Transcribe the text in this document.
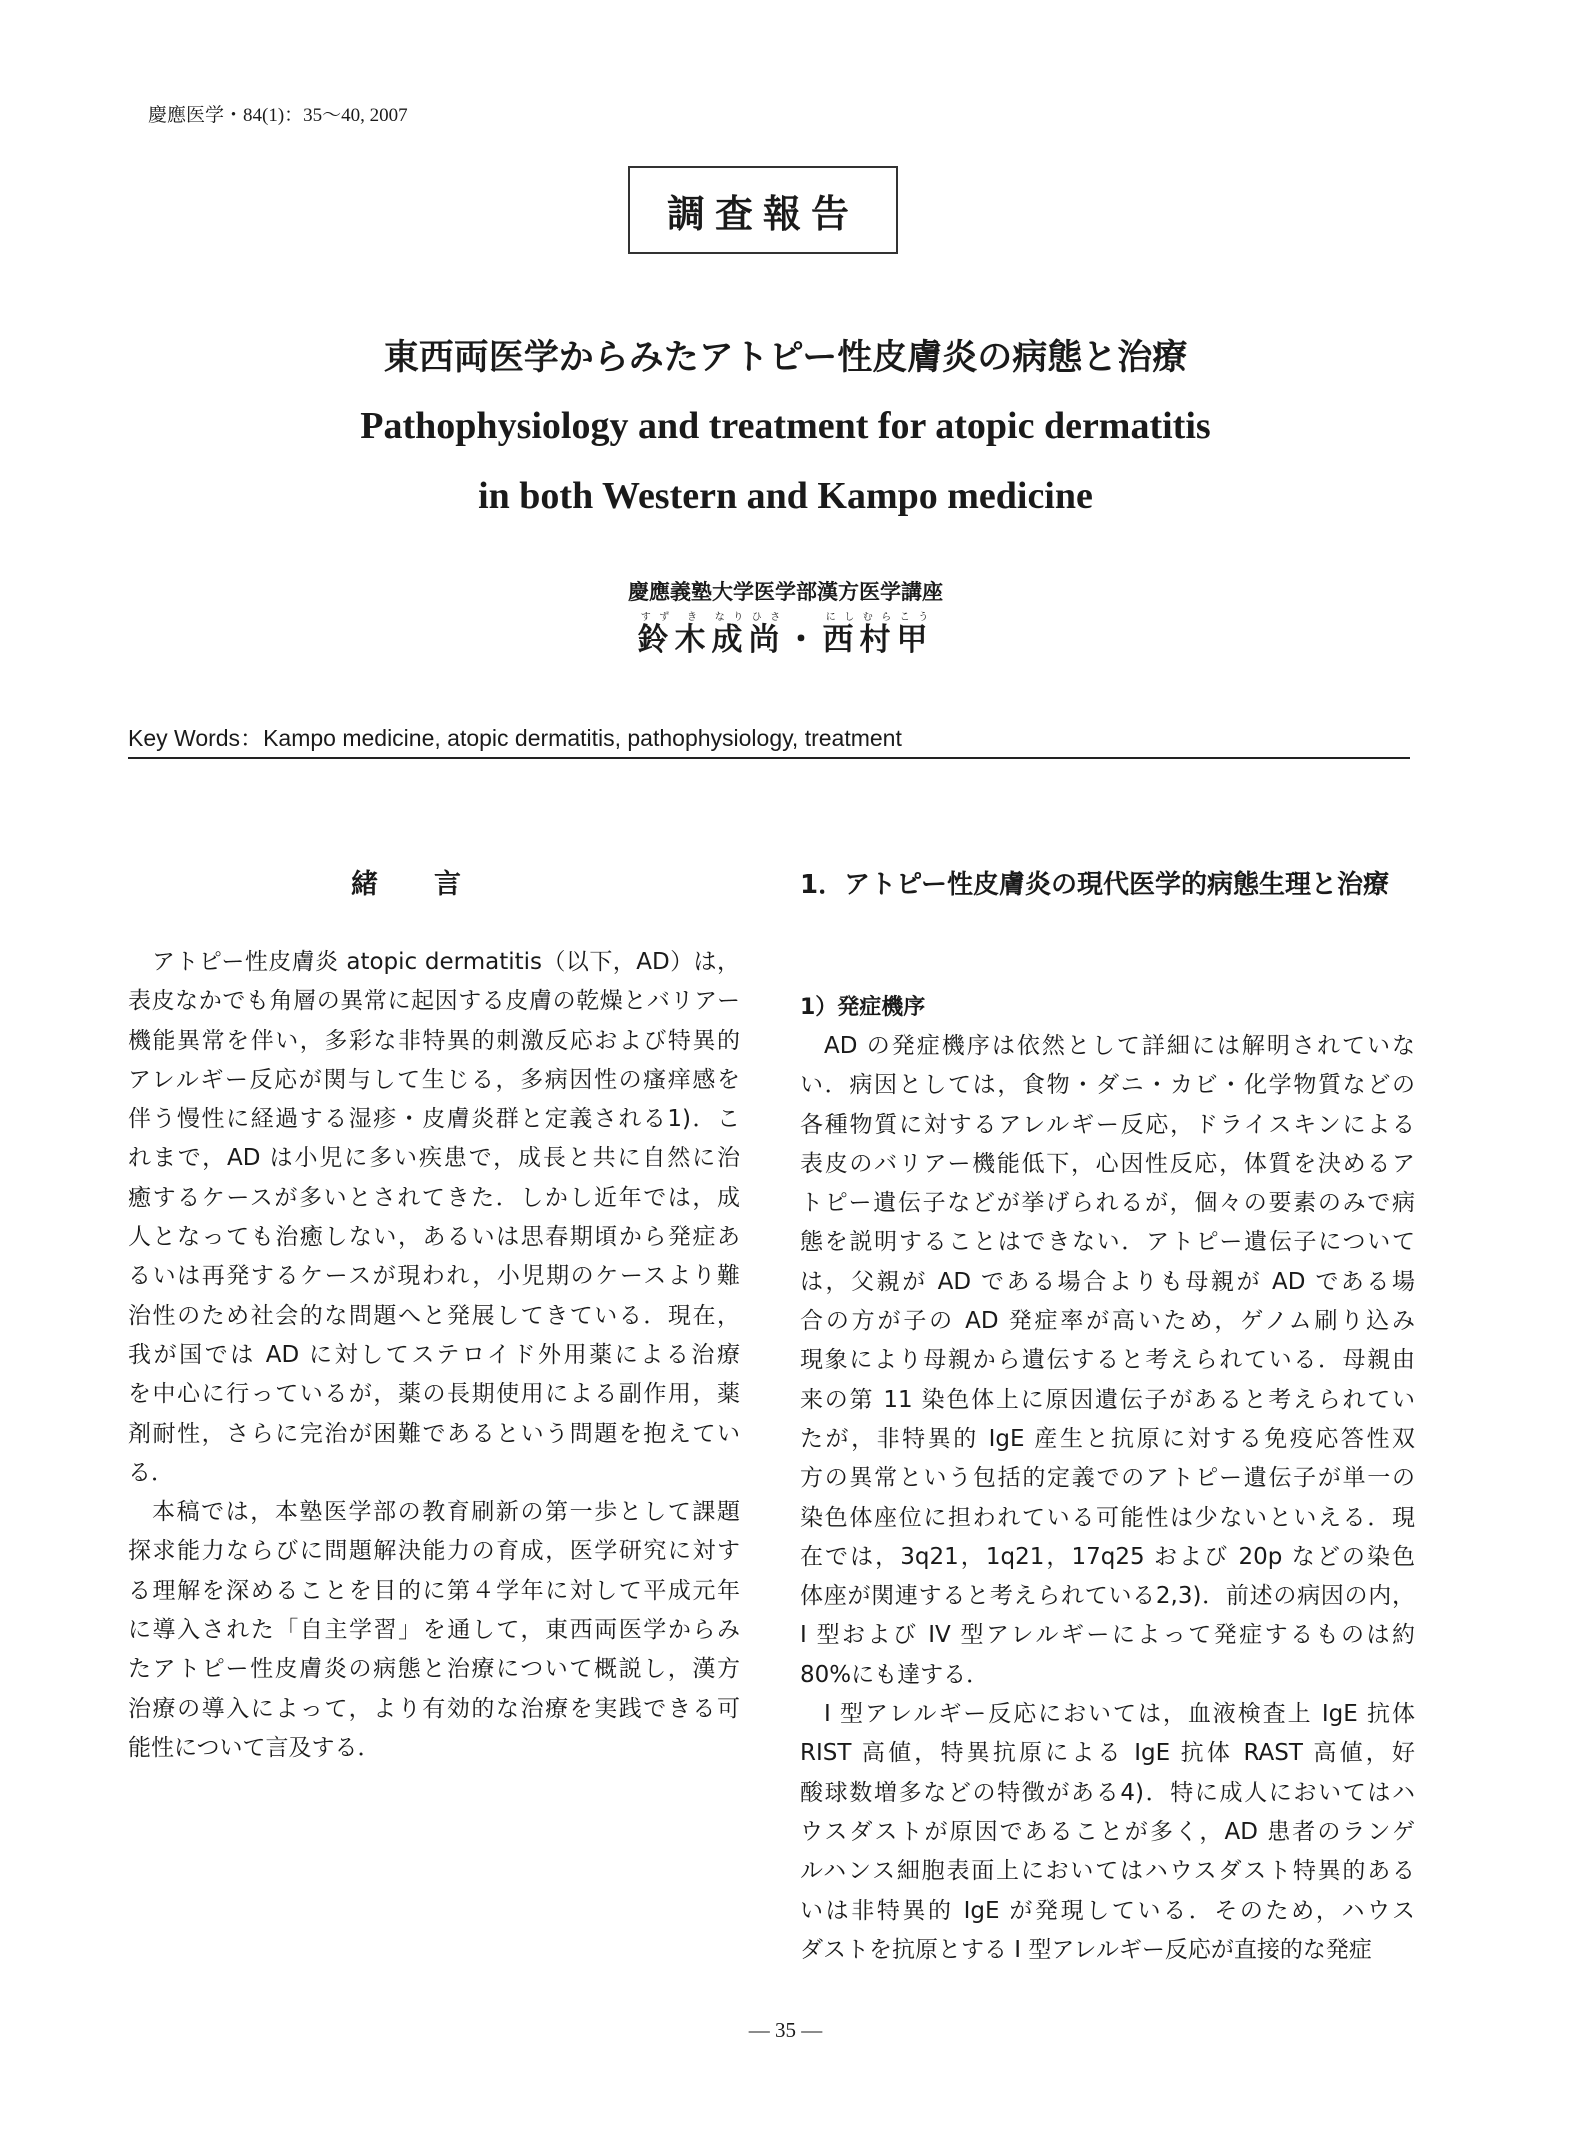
慶應医学・84(1)：35〜40, 2007
調査報告
東西両医学からみたアトピー性皮膚炎の病態と治療
Pathophysiology and treatment for atopic dermatitis
in both Western and Kampo medicine
慶應義塾大学医学部漢方医学講座
鈴すず木き成なり尚ひさ・西にし村むら甲こう
Key Words：Kampo medicine, atopic dermatitis, pathophysiology, treatment
緒言
アトピー性皮膚炎 atopic dermatitis（以下，AD）は，
表皮なかでも角層の異常に起因する皮膚の乾燥とバリアー
機能異常を伴い，多彩な非特異的刺激反応および特異的
アレルギー反応が関与して生じる，多病因性の瘙痒感を
伴う慢性に経過する湿疹・皮膚炎群と定義される1)．こ
れまで，AD は小児に多い疾患で，成長と共に自然に治
癒するケースが多いとされてきた．しかし近年では，成
人となっても治癒しない，あるいは思春期頃から発症あ
るいは再発するケースが現われ，小児期のケースより難
治性のため社会的な問題へと発展してきている．現在，
我が国では AD に対してステロイド外用薬による治療
を中心に行っているが，薬の長期使用による副作用，薬
剤耐性，さらに完治が困難であるという問題を抱えてい
る．
本稿では，本塾医学部の教育刷新の第一歩として課題
探求能力ならびに問題解決能力の育成，医学研究に対す
る理解を深めることを目的に第４学年に対して平成元年
に導入された「自主学習」を通して，東西両医学からみ
たアトピー性皮膚炎の病態と治療について概説し，漢方
治療の導入によって，より有効的な治療を実践できる可
能性について言及する．
1．アトピー性皮膚炎の現代医学的病態生理と治療
1）発症機序
AD の発症機序は依然として詳細には解明されていな
い．病因としては，食物・ダニ・カビ・化学物質などの
各種物質に対するアレルギー反応，ドライスキンによる
表皮のバリアー機能低下，心因性反応，体質を決めるア
トピー遺伝子などが挙げられるが，個々の要素のみで病
態を説明することはできない．アトピー遺伝子について
は，父親が AD である場合よりも母親が AD である場
合の方が子の AD 発症率が高いため，ゲノム刷り込み
現象により母親から遺伝すると考えられている．母親由
来の第 11 染色体上に原因遺伝子があると考えられてい
たが，非特異的 IgE 産生と抗原に対する免疫応答性双
方の異常という包括的定義でのアトピー遺伝子が単一の
染色体座位に担われている可能性は少ないといえる．現
在では，3q21，1q21，17q25 および 20p などの染色
体座が関連すると考えられている2,3)．前述の病因の内，
I 型および IV 型アレルギーによって発症するものは約
80%にも達する．
I 型アレルギー反応においては，血液検査上 IgE 抗体
RIST 高値，特異抗原による IgE 抗体 RAST 高値，好
酸球数増多などの特徴がある4)．特に成人においてはハ
ウスダストが原因であることが多く，AD 患者のランゲ
ルハンス細胞表面上においてはハウスダスト特異的ある
いは非特異的 IgE が発現している．そのため，ハウス
ダストを抗原とする I 型アレルギー反応が直接的な発症
— 35 —
